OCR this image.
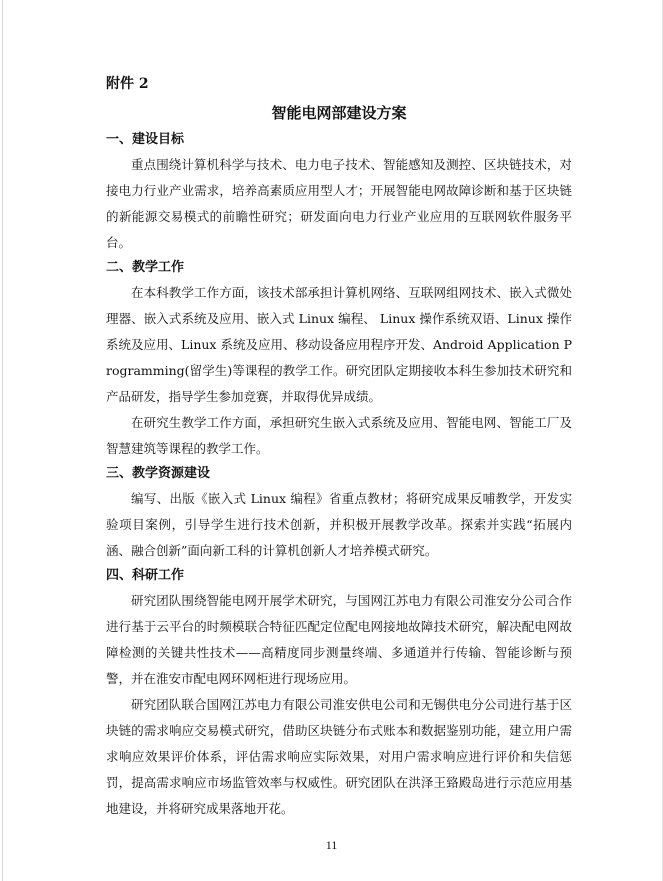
附件 2

智能电网部建设方案

一、建设目标

重点围绕计算机科学与技术、电力电子技术、智能感知及测控、区块链技术，对接电力行业产业需求，培养高素质应用型人才；开展智能电网故障诊断和基于区块链的新能源交易模式的前瞻性研究；研发面向电力行业产业应用的互联网软件服务平台。

二、教学工作

在本科教学工作方面，该技术部承担计算机网络、互联网组网技术、嵌入式微处理器、嵌入式系统及应用、嵌入式 Linux 编程、 Linux 操作系统双语、Linux 操作系统及应用、Linux 系统及应用、移动设备应用程序开发、Android Application Programming(留学生)等课程的教学工作。研究团队定期接收本科生参加技术研究和产品研发，指导学生参加竞赛，并取得优异成绩。

在研究生教学工作方面，承担研究生嵌入式系统及应用、智能电网、智能工厂及智慧建筑等课程的教学工作。

三、教学资源建设

编写、出版《嵌入式 Linux 编程》省重点教材；将研究成果反哺教学，开发实验项目案例，引导学生进行技术创新，并积极开展教学改革。探索并实践“拓展内涵、融合创新”面向新工科的计算机创新人才培养模式研究。

四、科研工作

研究团队围绕智能电网开展学术研究，与国网江苏电力有限公司淮安分公司合作进行基于云平台的时频模联合特征匹配定位配电网接地故障技术研究，解决配电网故障检测的关键共性技术——高精度同步测量终端、多通道并行传输、智能诊断与预警，并在淮安市配电网环网柜进行现场应用。

研究团队联合国网江苏电力有限公司淮安供电公司和无锡供电分公司进行基于区块链的需求响应交易模式研究，借助区块链分布式账本和数据鉴别功能，建立用户需求响应效果评价体系，评估需求响应实际效果，对用户需求响应进行评价和失信惩罚，提高需求响应市场监管效率与权威性。研究团队在洪泽王臵殿岛进行示范应用基地建设，并将研究成果落地开花。

11
